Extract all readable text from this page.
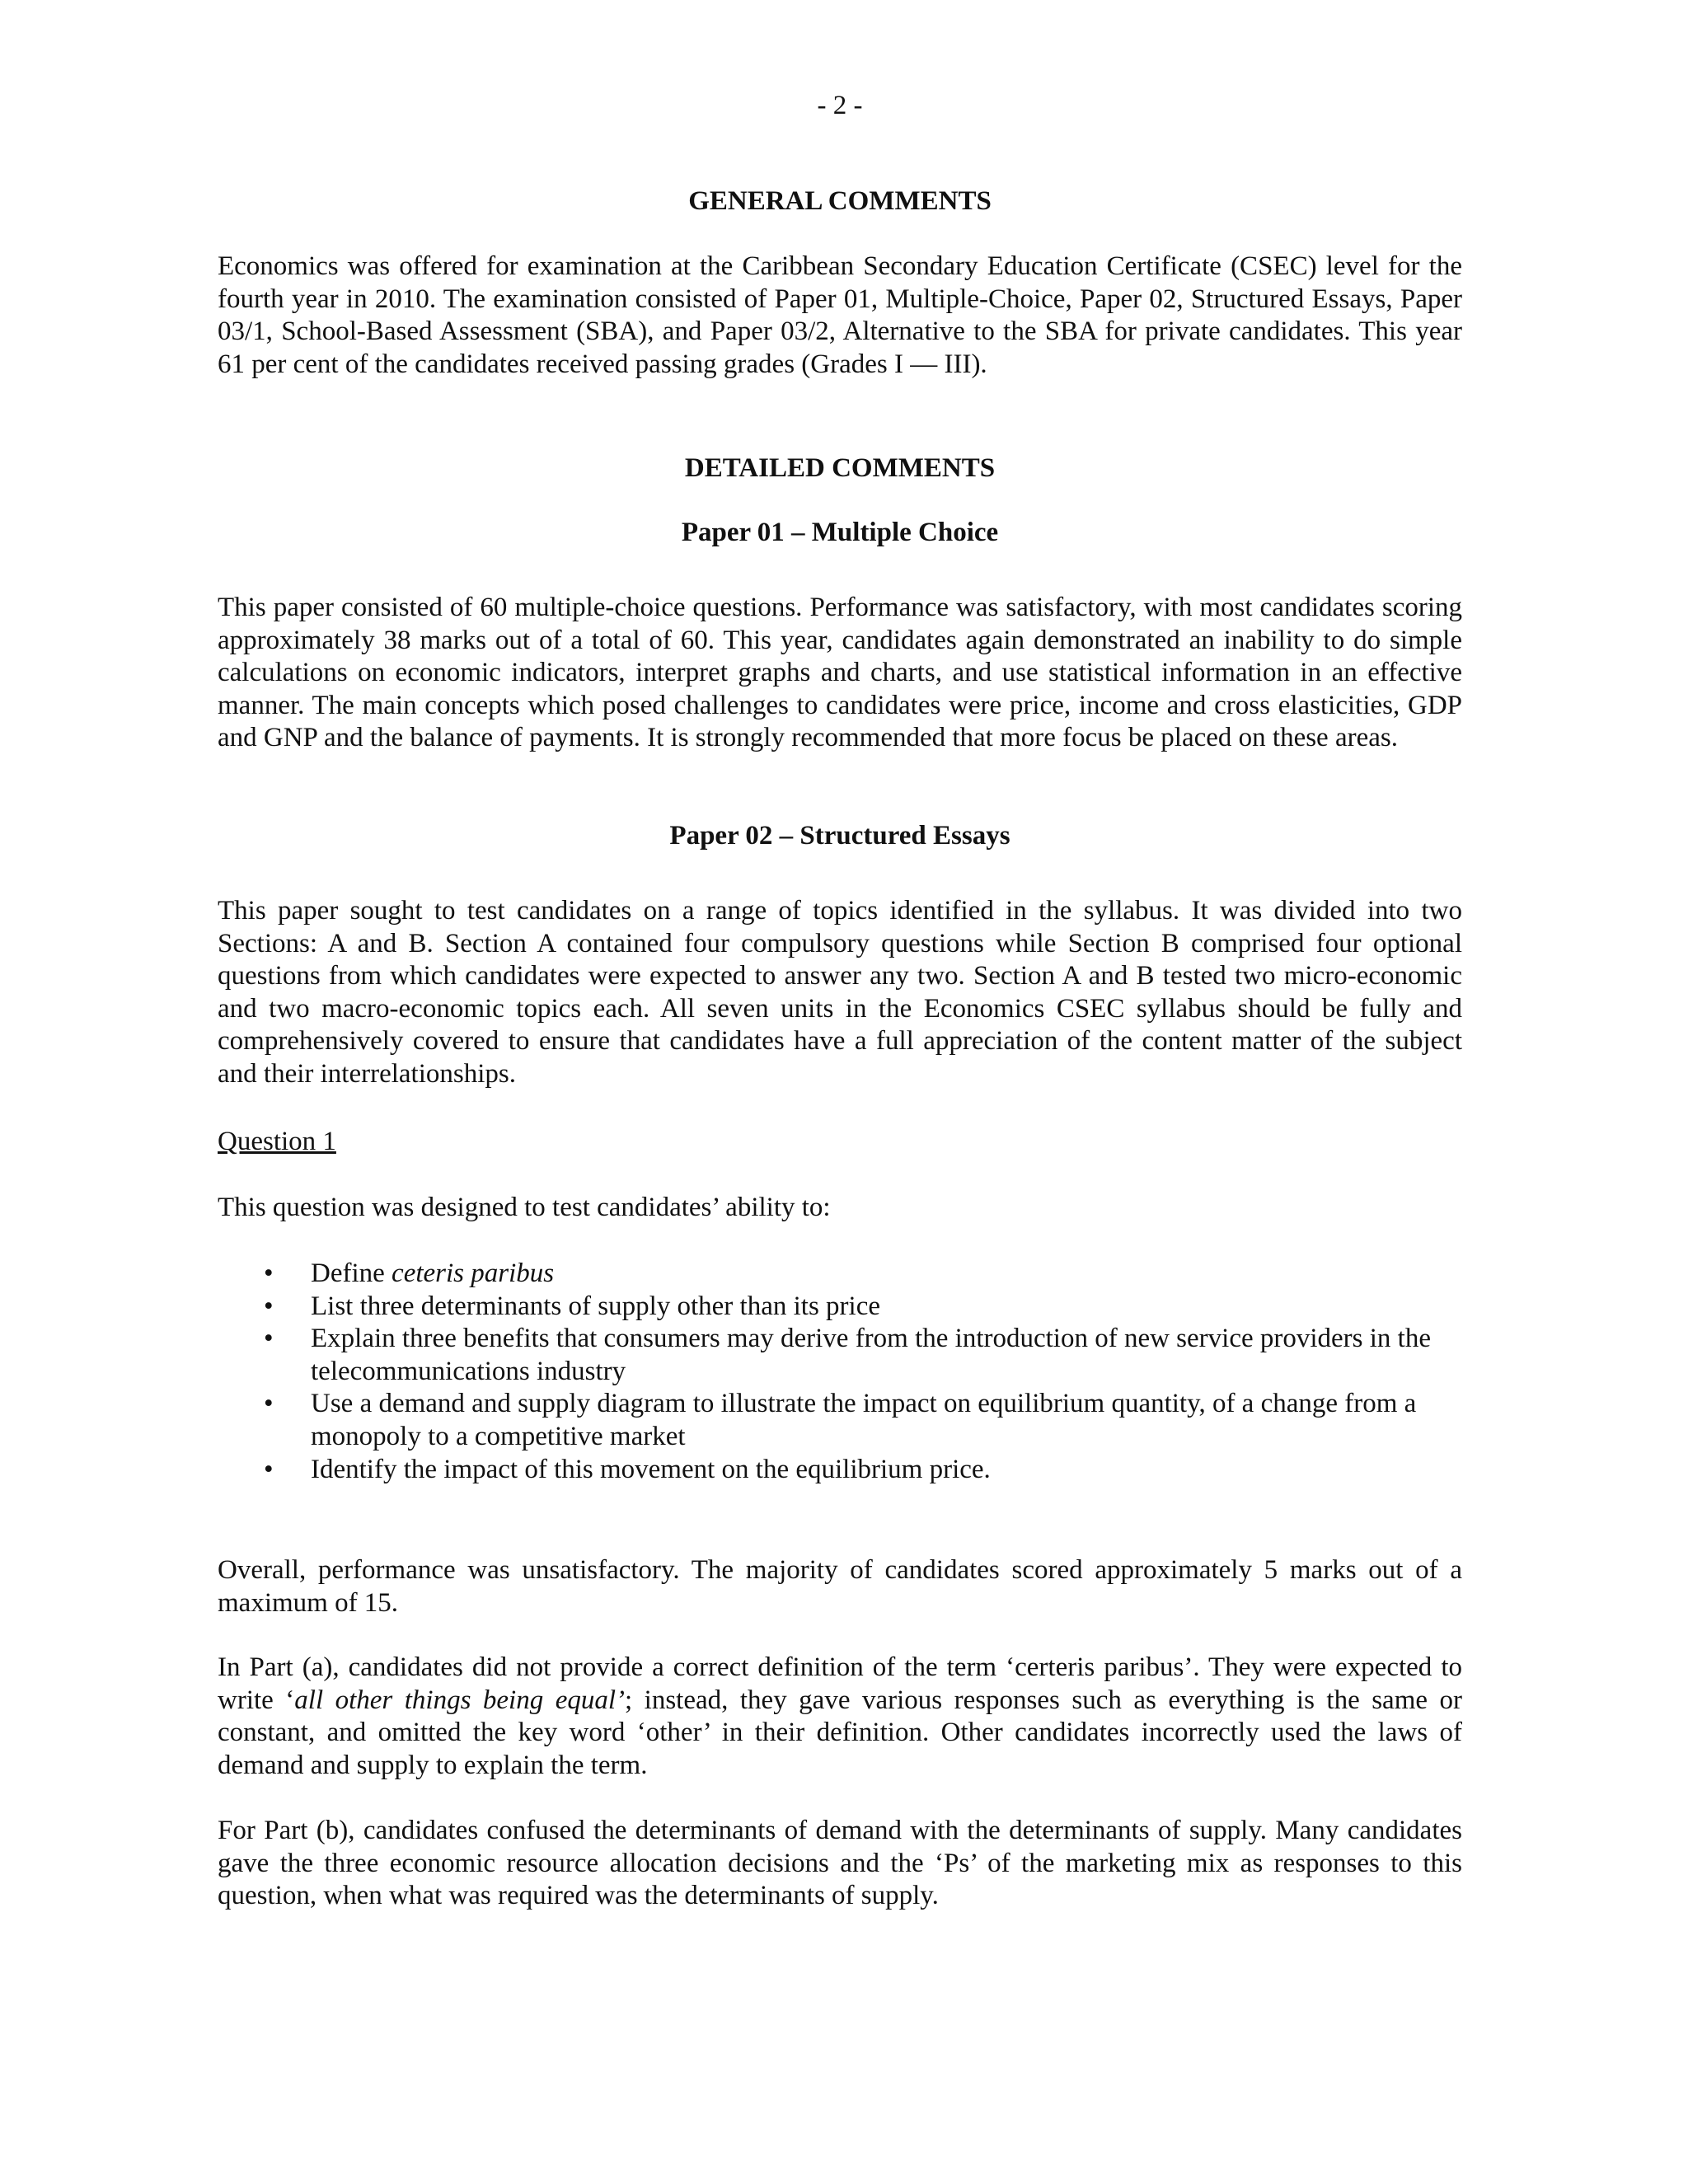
- 2 -
GENERAL COMMENTS

Economics was offered for examination at the Caribbean Secondary Education Certificate (CSEC) level for the fourth year in 2010. The examination consisted of Paper 01, Multiple-Choice, Paper 02, Structured Essays, Paper 03/1, School-Based Assessment (SBA), and Paper 03/2, Alternative to the SBA for private candidates. This year 61 per cent of the candidates received passing grades (Grades I — III).

DETAILED COMMENTS
Paper 01 – Multiple Choice

This paper consisted of 60 multiple-choice questions. Performance was satisfactory, with most candidates scoring approximately 38 marks out of a total of 60. This year, candidates again demonstrated an inability to do simple calculations on economic indicators, interpret graphs and charts, and use statistical information in an effective manner. The main concepts which posed challenges to candidates were price, income and cross elasticities, GDP and GNP and the balance of payments. It is strongly recommended that more focus be placed on these areas.

Paper 02 – Structured Essays

This paper sought to test candidates on a range of topics identified in the syllabus. It was divided into two Sections: A and B. Section A contained four compulsory questions while Section B comprised four optional questions from which candidates were expected to answer any two. Section A and B tested two micro-economic and two macro-economic topics each. All seven units in the Economics CSEC syllabus should be fully and comprehensively covered to ensure that candidates have a full appreciation of the content matter of the subject and their interrelationships.

Question 1
This question was designed to test candidates’ ability to:
•	Define ceteris paribus
•	List three determinants of supply other than its price
•	Explain three benefits that consumers may derive from the introduction of new service providers in the telecommunications industry
•	Use a demand and supply diagram to illustrate the impact on equilibrium quantity, of a change from a monopoly to a competitive market
•	Identify the impact of this movement on the equilibrium price.

Overall, performance was unsatisfactory. The majority of candidates scored approximately 5 marks out of a maximum of 15.

In Part (a), candidates did not provide a correct definition of the term ‘certeris paribus’. They were expected to write ‘all other things being equal’; instead, they gave various responses such as everything is the same or constant, and omitted the key word ‘other’ in their definition. Other candidates incorrectly used the laws of demand and supply to explain the term.

For Part (b), candidates confused the determinants of demand with the determinants of supply. Many candidates gave the three economic resource allocation decisions and the ‘Ps’ of the marketing mix as responses to this question, when what was required was the determinants of supply.
